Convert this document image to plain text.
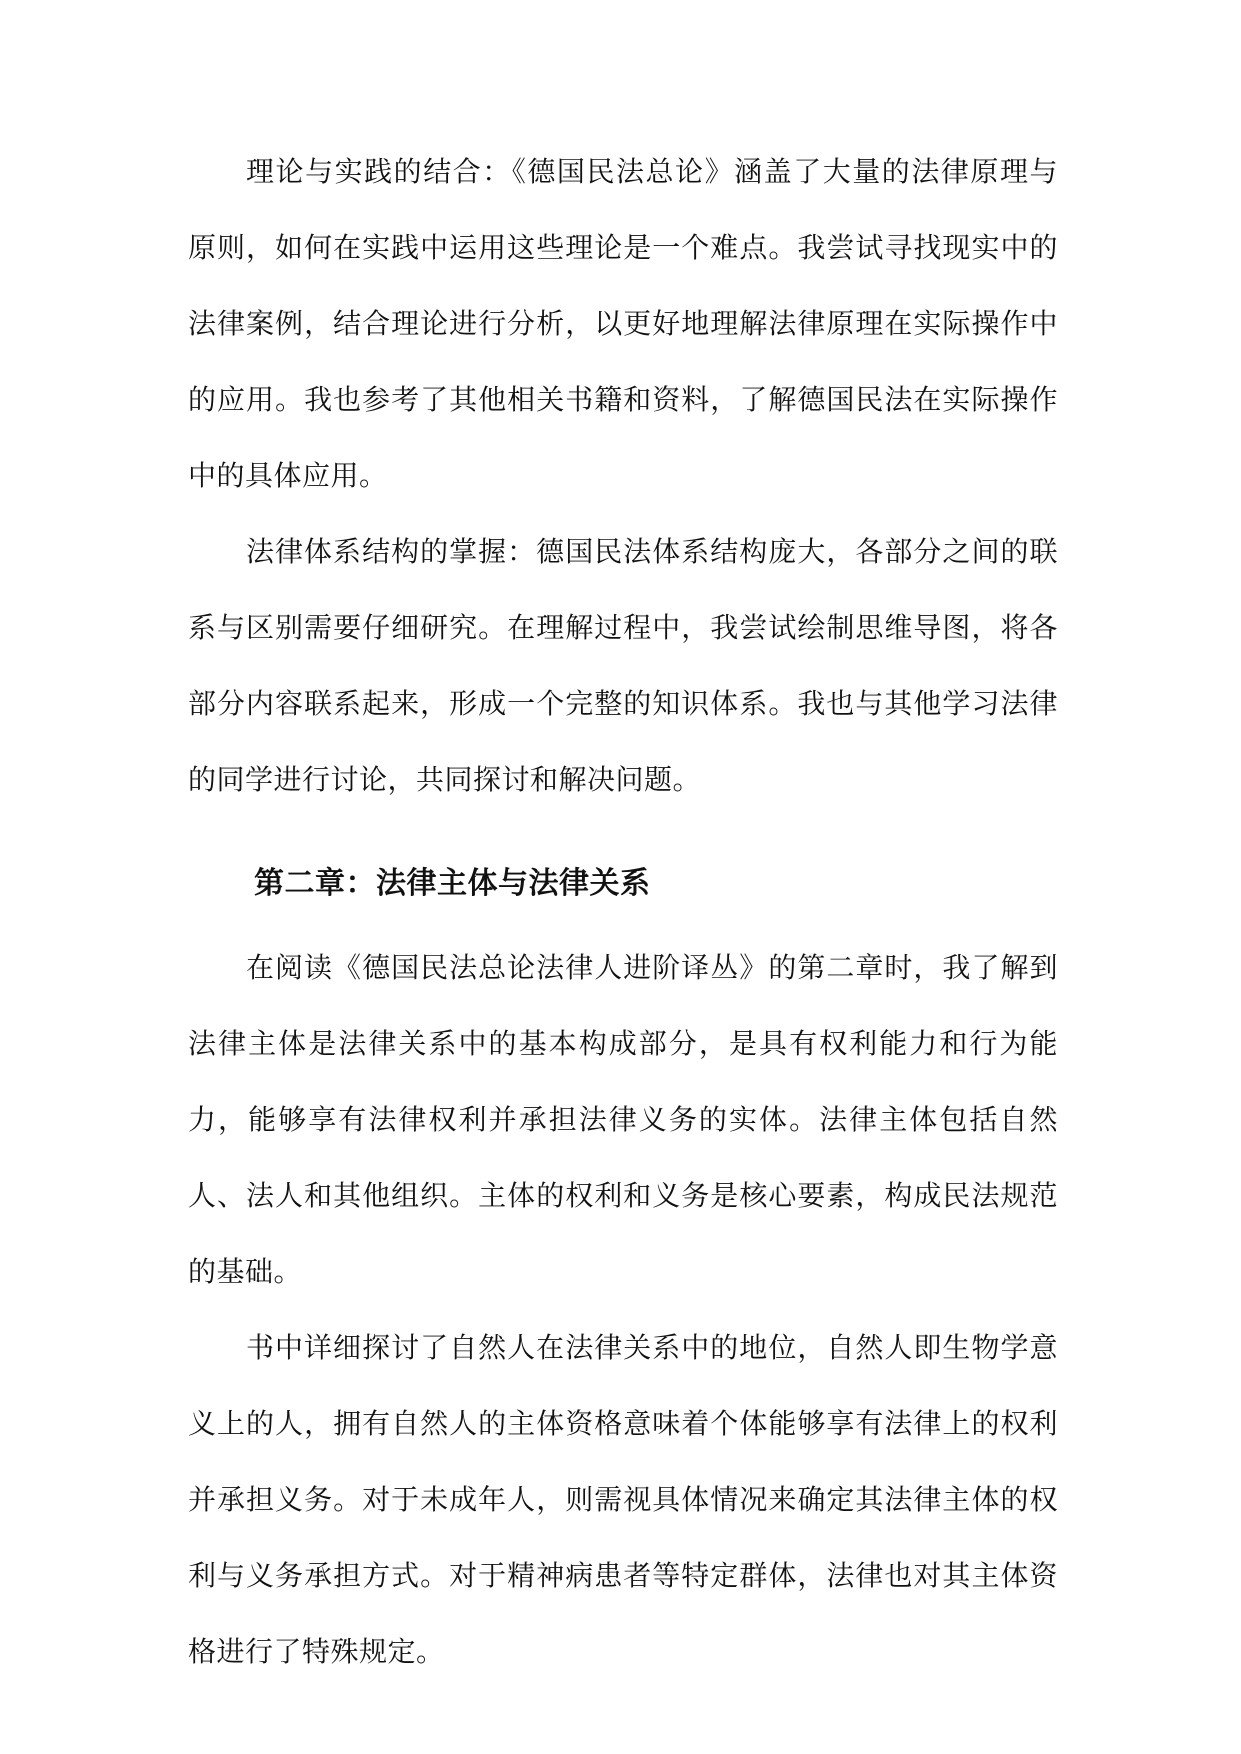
理论与实践的结合：《德国民法总论》涵盖了大量的法律原理与原则，如何在实践中运用这些理论是一个难点。我尝试寻找现实中的法律案例，结合理论进行分析，以更好地理解法律原理在实际操作中的应用。我也参考了其他相关书籍和资料，了解德国民法在实际操作中的具体应用。

法律体系结构的掌握：德国民法体系结构庞大，各部分之间的联系与区别需要仔细研究。在理解过程中，我尝试绘制思维导图，将各部分内容联系起来，形成一个完整的知识体系。我也与其他学习法律的同学进行讨论，共同探讨和解决问题。

第二章：法律主体与法律关系

在阅读《德国民法总论法律人进阶译丛》的第二章时，我了解到法律主体是法律关系中的基本构成部分，是具有权利能力和行为能力，能够享有法律权利并承担法律义务的实体。法律主体包括自然人、法人和其他组织。主体的权利和义务是核心要素，构成民法规范的基础。

书中详细探讨了自然人在法律关系中的地位，自然人即生物学意义上的人，拥有自然人的主体资格意味着个体能够享有法律上的权利并承担义务。对于未成年人，则需视具体情况来确定其法律主体的权利与义务承担方式。对于精神病患者等特定群体，法律也对其主体资格进行了特殊规定。
